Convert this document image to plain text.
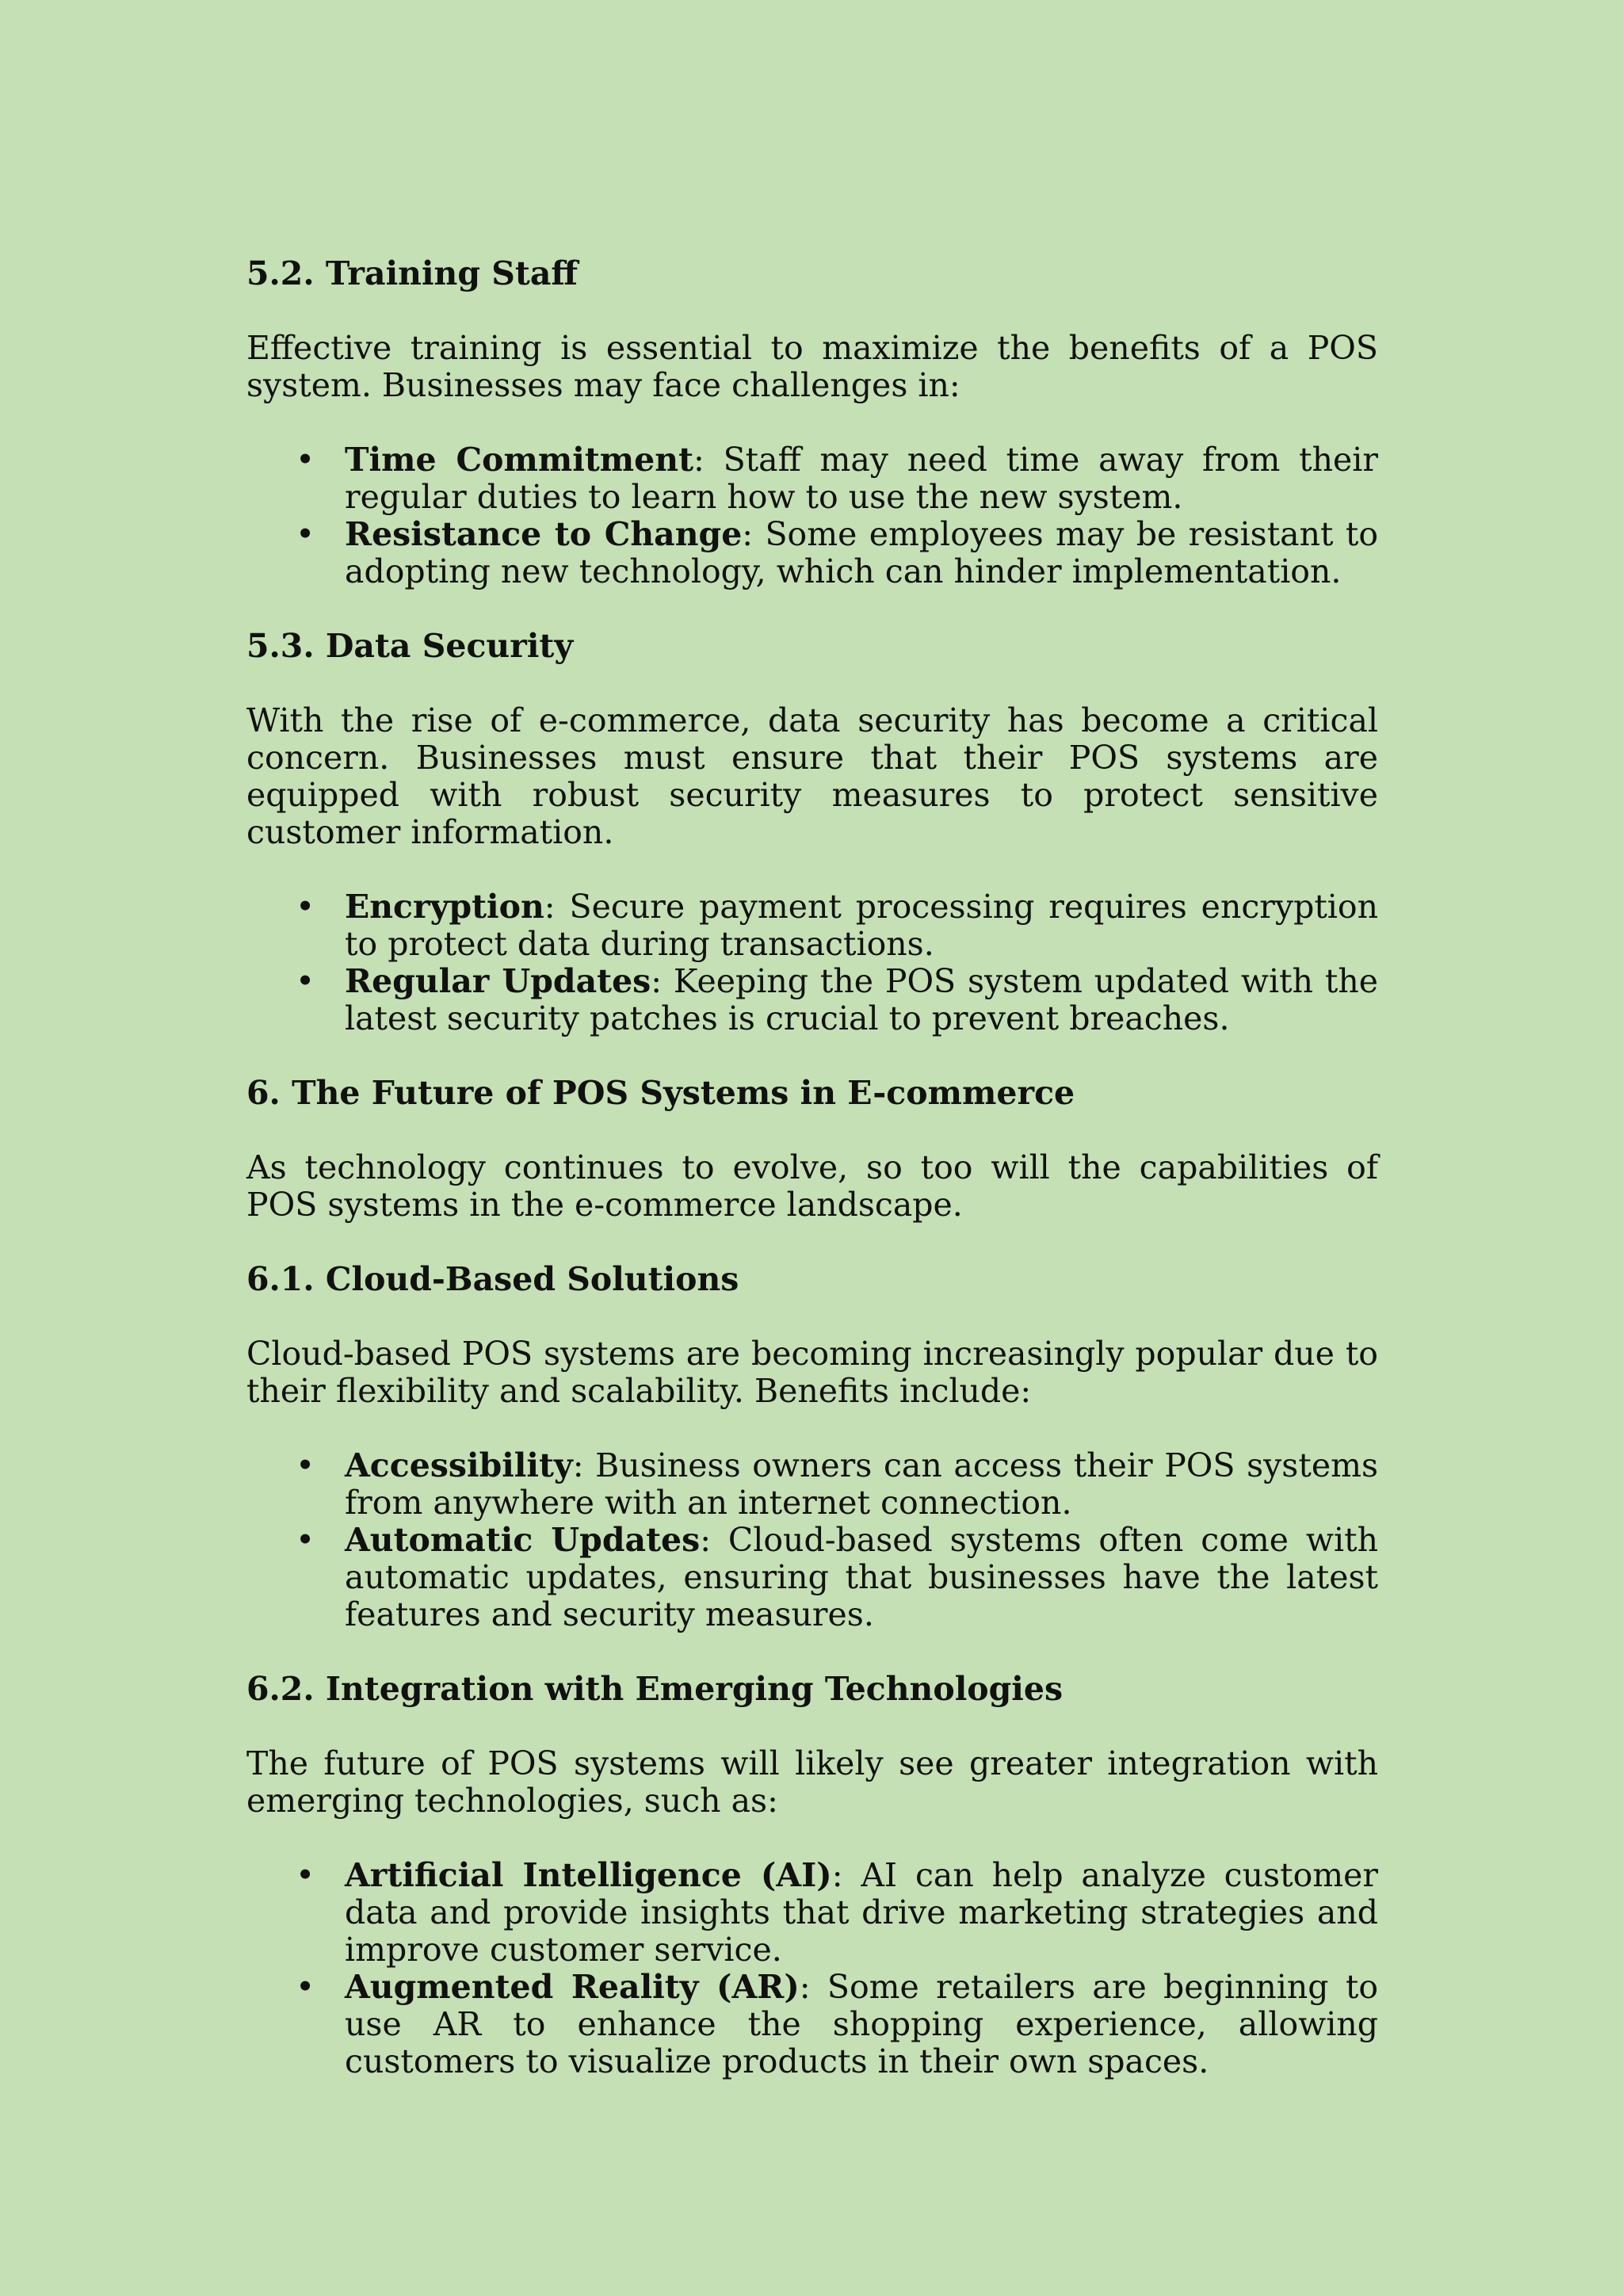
5.2. Training Staff

Effective training is essential to maximize the benefits of a POS system. Businesses may face challenges in:

• Time Commitment: Staff may need time away from their regular duties to learn how to use the new system.
• Resistance to Change: Some employees may be resistant to adopting new technology, which can hinder implementation.
5.3. Data Security

With the rise of e-commerce, data security has become a critical concern. Businesses must ensure that their POS systems are equipped with robust security measures to protect sensitive customer information.

• Encryption: Secure payment processing requires encryption to protect data during transactions.
• Regular Updates: Keeping the POS system updated with the latest security patches is crucial to prevent breaches.
6. The Future of POS Systems in E-commerce

As technology continues to evolve, so too will the capabilities of POS systems in the e-commerce landscape.

6.1. Cloud-Based Solutions

Cloud-based POS systems are becoming increasingly popular due to their flexibility and scalability. Benefits include:

• Accessibility: Business owners can access their POS systems from anywhere with an internet connection.
• Automatic Updates: Cloud-based systems often come with automatic updates, ensuring that businesses have the latest features and security measures.
6.2. Integration with Emerging Technologies

The future of POS systems will likely see greater integration with emerging technologies, such as:

• Artificial Intelligence (AI): AI can help analyze customer data and provide insights that drive marketing strategies and improve customer service.
• Augmented Reality (AR): Some retailers are beginning to use AR to enhance the shopping experience, allowing customers to visualize products in their own spaces.
